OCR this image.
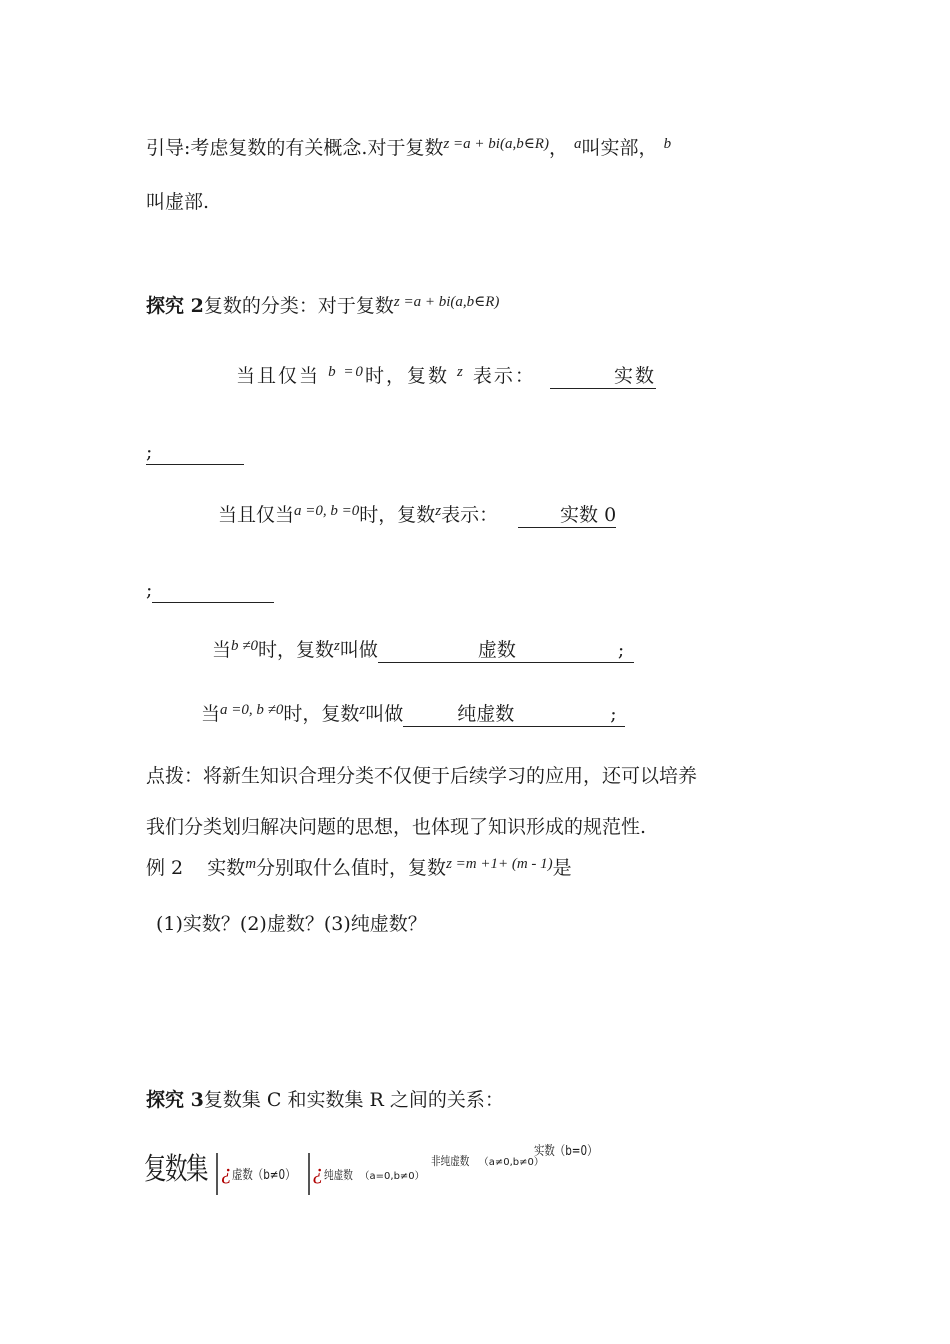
引导:考虑复数的有关概念.对于复数$^{z =a + bi(a,b\in R)}$， $^a$叫实部， $^b$
叫虚部.
探究 2复数的分类：对于复数$^{z =a + bi(a,b\in R)}$
当且仅当 $^{b =0}$时，复数 $^z$ 表示：	实数
;
当且仅当$^{a =0, b =0}$时，复数$^z$表示：	实数 0
;
当$^{b \ne 0}$时，复数$^z$叫做	虚数	;
当$^{a =0, b \ne 0}$时，复数$^z$叫做	纯虚数	;
点拨：将新生知识合理分类不仅便于后续学习的应用，还可以培养
我们分类划归解决问题的思想，也体现了知识形成的规范性.
例 2 实数$^m$分别取什么值时，复数$^{z =m +1+ (m - 1)}$是
(1)实数？(2)虚数？(3)纯虚数？
探究 3复数集 C 和实数集 R 之间的关系：
复数集 ¿虚数（b≠0） ¿纯虚数 （a=0,b≠0） 非纯虚数 （a≠0,b≠0） 实数（b=0）
